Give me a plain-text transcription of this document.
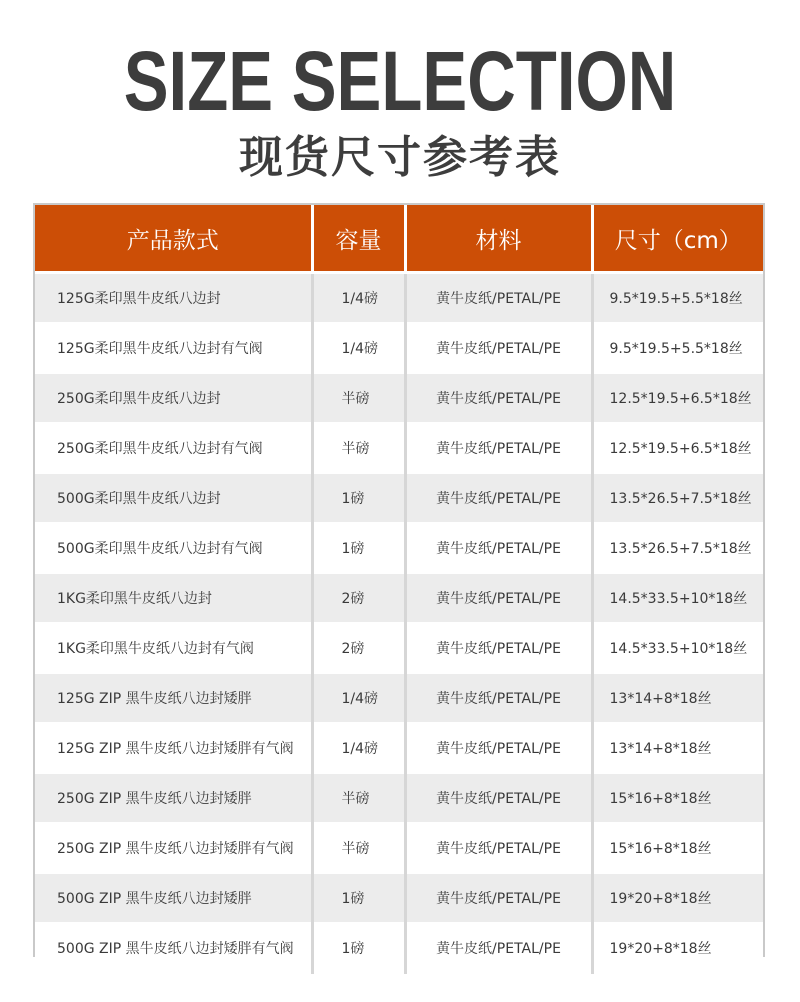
SIZE SELECTION
现货尺寸参考表
产品款式	容量	材料	尺寸（cm）
125G柔印黑牛皮纸八边封	1/4磅	黄牛皮纸/PETAL/PE	9.5*19.5+5.5*18丝
125G柔印黑牛皮纸八边封有气阀	1/4磅	黄牛皮纸/PETAL/PE	9.5*19.5+5.5*18丝
250G柔印黑牛皮纸八边封	半磅	黄牛皮纸/PETAL/PE	12.5*19.5+6.5*18丝
250G柔印黑牛皮纸八边封有气阀	半磅	黄牛皮纸/PETAL/PE	12.5*19.5+6.5*18丝
500G柔印黑牛皮纸八边封	1磅	黄牛皮纸/PETAL/PE	13.5*26.5+7.5*18丝
500G柔印黑牛皮纸八边封有气阀	1磅	黄牛皮纸/PETAL/PE	13.5*26.5+7.5*18丝
1KG柔印黑牛皮纸八边封	2磅	黄牛皮纸/PETAL/PE	14.5*33.5+10*18丝
1KG柔印黑牛皮纸八边封有气阀	2磅	黄牛皮纸/PETAL/PE	14.5*33.5+10*18丝
125G ZIP 黑牛皮纸八边封矮胖	1/4磅	黄牛皮纸/PETAL/PE	13*14+8*18丝
125G ZIP 黑牛皮纸八边封矮胖有气阀	1/4磅	黄牛皮纸/PETAL/PE	13*14+8*18丝
250G ZIP 黑牛皮纸八边封矮胖	半磅	黄牛皮纸/PETAL/PE	15*16+8*18丝
250G ZIP 黑牛皮纸八边封矮胖有气阀	半磅	黄牛皮纸/PETAL/PE	15*16+8*18丝
500G ZIP 黑牛皮纸八边封矮胖	1磅	黄牛皮纸/PETAL/PE	19*20+8*18丝
500G ZIP 黑牛皮纸八边封矮胖有气阀	1磅	黄牛皮纸/PETAL/PE	19*20+8*18丝
